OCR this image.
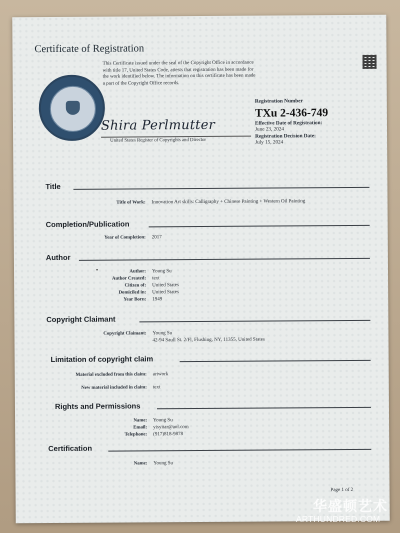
Certificate of Registration
This Certificate issued under the seal of the Copyright Office in accordance with title 17, United States Code, attests that registration has been made for the work identified below. The information on this certificate has been made a part of the Copyright Office records.
Shira Perlmutter
United States Register of Copyrights and Director
Registration Number
TXu 2-436-749
Effective Date of Registration:
June 23, 2024
Registration Decision Date:
July 15, 2024
Title
Title of Work: Innovation Art skills: Calligraphy + Chinese Painting + Western Oil Painting
Completion/Publication
Year of Completion: 2017
Author
•	Author: Young Su
Author Created: text
Citizen of: United States
Domiciled in: United States
Year Born: 1949
Copyright Claimant
Copyright Claimant: Young Su
42-94 Saull St. 2/Fl, Flushing, NY, 11355, United States
Limitation of copyright claim
Material excluded from this claim: artwork
New material included in claim: text
Rights and Permissions
Name: Young Su
Email: yisyitar@aol.com
Telephone: (917)818-9878
Certification
Name: Young Su
Page 1 of 2
华盛顿艺术
ARTHUNDRED.COM
